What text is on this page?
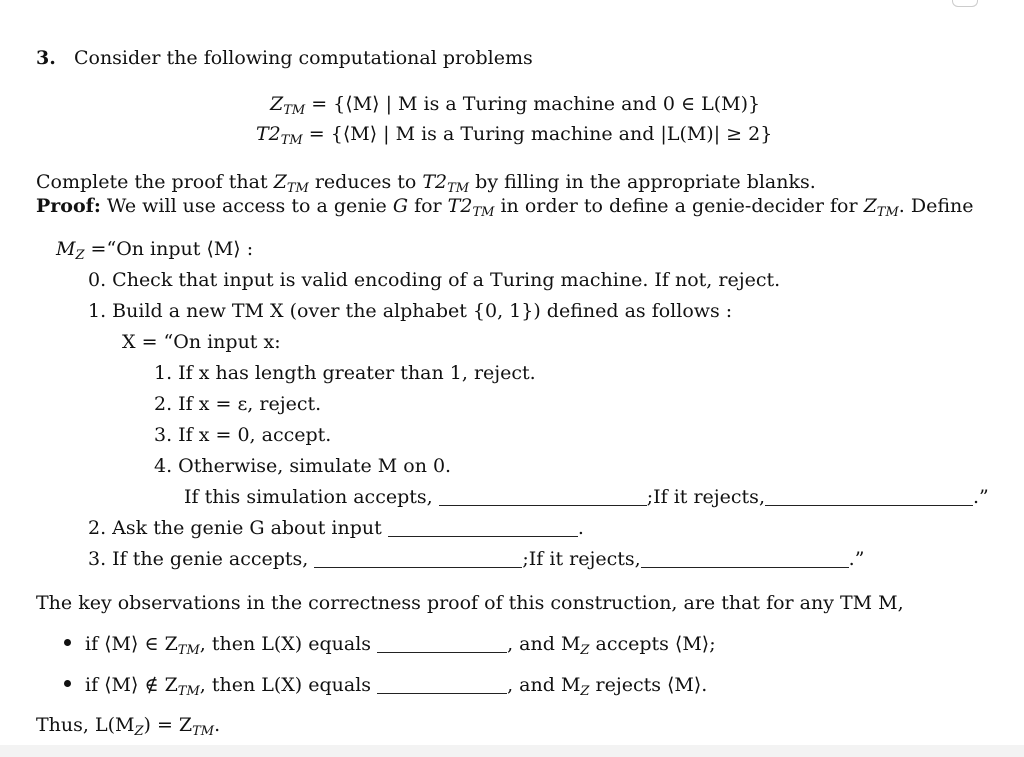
3. Consider the following computational problems
$Z_{TM}$ = {⟨M⟩ | M is a Turing machine and 0 ∈ L(M)}
$T2_{TM}$ = {⟨M⟩ | M is a Turing machine and |L(M)| ≥ 2}
Complete the proof that $Z_{TM}$ reduces to $T2_{TM}$ by filling in the appropriate blanks.
Proof: We will use access to a genie G for $T2_{TM}$ in order to define a genie-decider for $Z_{TM}$. Define
$M_Z$ =“On input ⟨M⟩ :
0. Check that input is valid encoding of a Turing machine. If not, reject.
1. Build a new TM X (over the alphabet {0, 1}) defined as follows :
X = “On input x:
1. If x has length greater than 1, reject.
2. If x = ε, reject.
3. If x = 0, accept.
4. Otherwise, simulate M on 0.
If this simulation accepts,	;If it rejects,	.”
2. Ask the genie G about input	.
3. If the genie accepts,	;If it rejects,	.”
The key observations in the correctness proof of this construction, are that for any TM M,
if ⟨M⟩ ∈ $Z_{TM}$, then L(X) equals	, and $M_Z$ accepts ⟨M⟩;
if ⟨M⟩ ∉ $Z_{TM}$, then L(X) equals	, and $M_Z$ rejects ⟨M⟩.
Thus, $L(M_Z) = Z_{TM}$.
